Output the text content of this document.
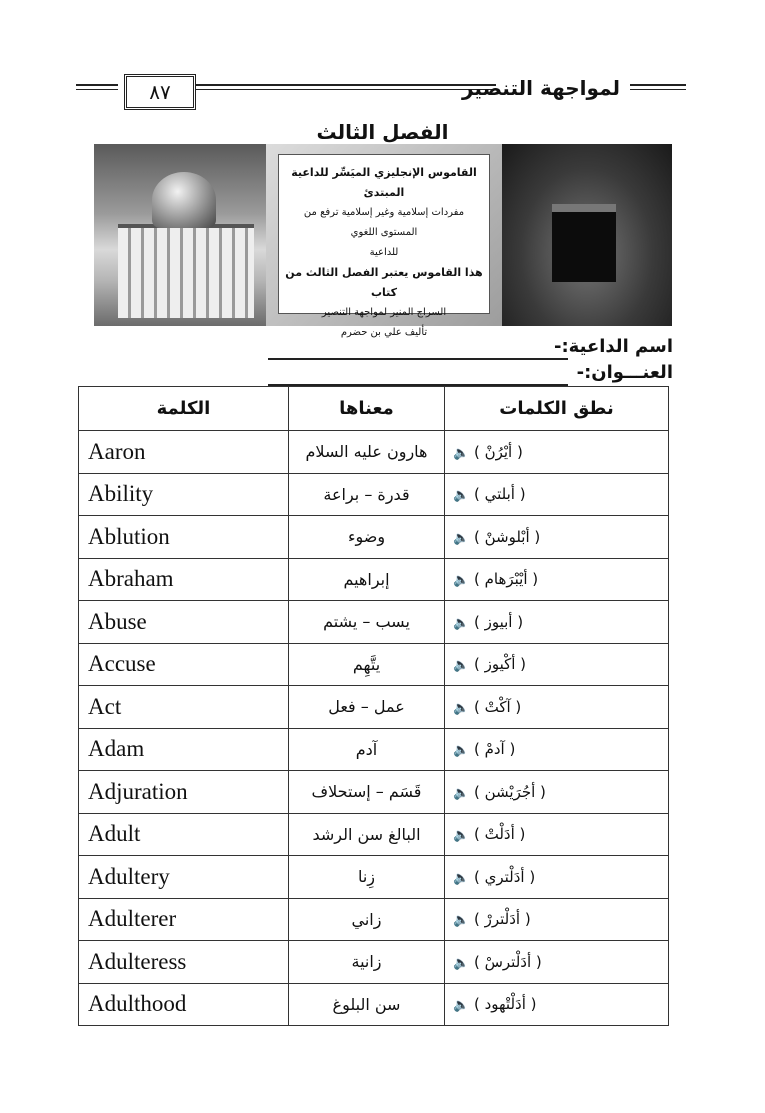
٨٧	لمواجهة التنصير
الفصل الثالث
القاموس الإنجليزي الميَسِّر للداعية المبتدئ
مفردات إسلامية وغير إسلامية ترفع من المستوى اللغوي
للداعية
هذا القاموس يعتبر الفصل الثالث من كتاب
السراج المنير لمواجهة التنصير
تأليف علي بن حضرم
اسم الداعية:-
العنـــوان:-
الكلمة	معناها	نطق الكلمات
Aaron	هارون عليه السلام	🔈 ( أيْرُنْ )
Ability	قدرة – براعة	🔈 ( أبلتي )
Ablution	وضوء	🔈 ( أبْلوشنْ )
Abraham	إبراهيم	🔈 ( أيْبْرَهام )
Abuse	يسب – يشتم	🔈 ( أبيوز )
Accuse	يتَّهِم	🔈 ( أكْيوز )
Act	عمل – فعل	🔈 ( آكْتْ )
Adam	آدم	🔈 ( آدمْ )
Adjuration	قَسَم – إستحلاف	🔈 ( أجُرَيْشن )
Adult	البالغ سن الرشد	🔈 ( أدَلْتْ )
Adultery	زِنا	🔈 ( أدَلْتري )
Adulterer	زاني	🔈 ( أدَلْتررْ )
Adulteress	زانية	🔈 ( أدَلْترسْ )
Adulthood	سن البلوغ	🔈 ( أدَلْتْهود )
